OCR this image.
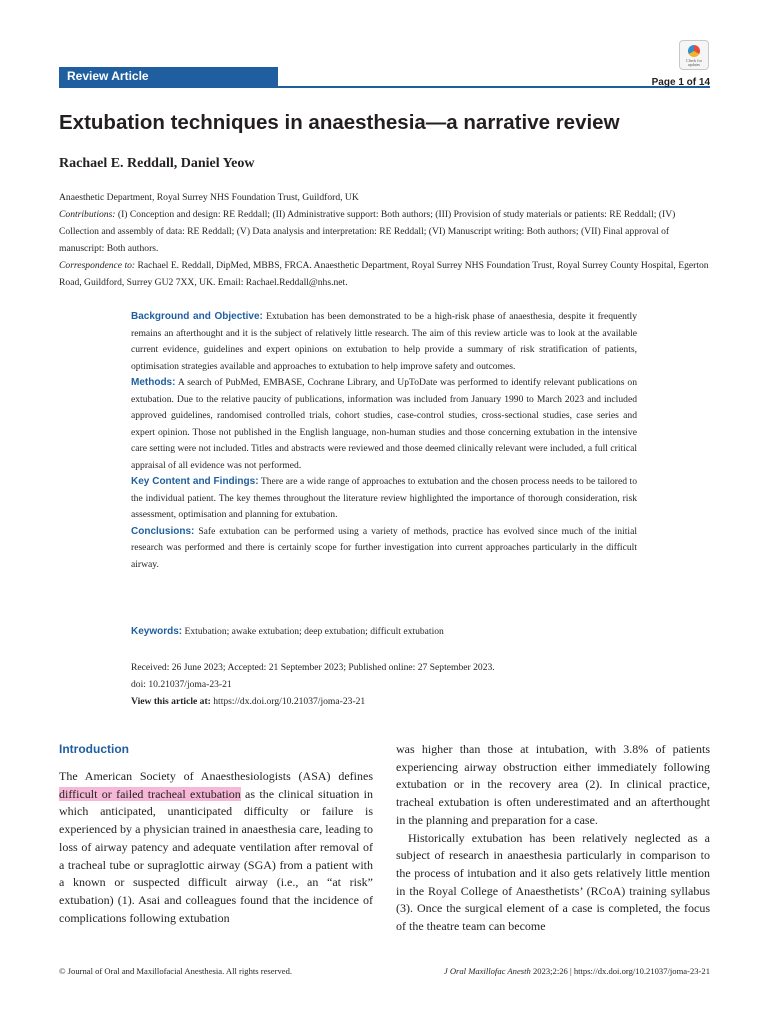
Check for updates
Review Article	Page 1 of 14
Extubation techniques in anaesthesia—a narrative review
Rachael E. Reddall, Daniel Yeow
Anaesthetic Department, Royal Surrey NHS Foundation Trust, Guildford, UK
Contributions: (I) Conception and design: RE Reddall; (II) Administrative support: Both authors; (III) Provision of study materials or patients: RE Reddall; (IV) Collection and assembly of data: RE Reddall; (V) Data analysis and interpretation: RE Reddall; (VI) Manuscript writing: Both authors; (VII) Final approval of manuscript: Both authors.
Correspondence to: Rachael E. Reddall, DipMed, MBBS, FRCA. Anaesthetic Department, Royal Surrey NHS Foundation Trust, Royal Surrey County Hospital, Egerton Road, Guildford, Surrey GU2 7XX, UK. Email: Rachael.Reddall@nhs.net.

Background and Objective: Extubation has been demonstrated to be a high-risk phase of anaesthesia, despite it frequently remains an afterthought and it is the subject of relatively little research. The aim of this review article was to look at the available current evidence, guidelines and expert opinions on extubation to help provide a summary of risk stratification of patients, optimisation strategies available and approaches to extubation to help improve safety and outcomes.

Methods: A search of PubMed, EMBASE, Cochrane Library, and UpToDate was performed to identify relevant publications on extubation. Due to the relative paucity of publications, information was included from January 1990 to March 2023 and included approved guidelines, randomised controlled trials, cohort studies, case-control studies, cross-sectional studies, case series and expert opinion. Those not published in the English language, non-human studies and those concerning extubation in the intensive care setting were not included. Titles and abstracts were reviewed and those deemed clinically relevant were included, a full critical appraisal of all evidence was not performed.

Key Content and Findings: There are a wide range of approaches to extubation and the chosen process needs to be tailored to the individual patient. The key themes throughout the literature review highlighted the importance of thorough consideration, risk assessment, optimisation and planning for extubation.

Conclusions: Safe extubation can be performed using a variety of methods, practice has evolved since much of the initial research was performed and there is certainly scope for further investigation into current approaches particularly in the difficult airway.

Keywords: Extubation; awake extubation; deep extubation; difficult extubation

Received: 26 June 2023; Accepted: 21 September 2023; Published online: 27 September 2023.

doi: 10.21037/joma-23-21

View this article at: https://dx.doi.org/10.21037/joma-23-21

Introduction

The American Society of Anaesthesiologists (ASA) defines difficult or failed tracheal extubation as the clinical situation in which anticipated, unanticipated difficulty or failure is experienced by a physician trained in anaesthesia care, leading to loss of airway patency and adequate ventilation after removal of a tracheal tube or supraglottic airway (SGA) from a patient with a known or suspected difficult airway (i.e., an “at risk” extubation) (1). Asai and colleagues found that the incidence of complications following extubation

was higher than those at intubation, with 3.8% of patients experiencing airway obstruction either immediately following extubation or in the recovery area (2). In clinical practice, tracheal extubation is often underestimated and an afterthought in the planning and preparation for a case.

Historically extubation has been relatively neglected as a subject of research in anaesthesia particularly in comparison to the process of intubation and it also gets relatively little mention in the Royal College of Anaesthetists’ (RCoA) training syllabus (3). Once the surgical element of a case is completed, the focus of the theatre team can become

© Journal of Oral and Maxillofacial Anesthesia. All rights reserved.	J Oral Maxillofac Anesth 2023;2:26 | https://dx.doi.org/10.21037/joma-23-21
